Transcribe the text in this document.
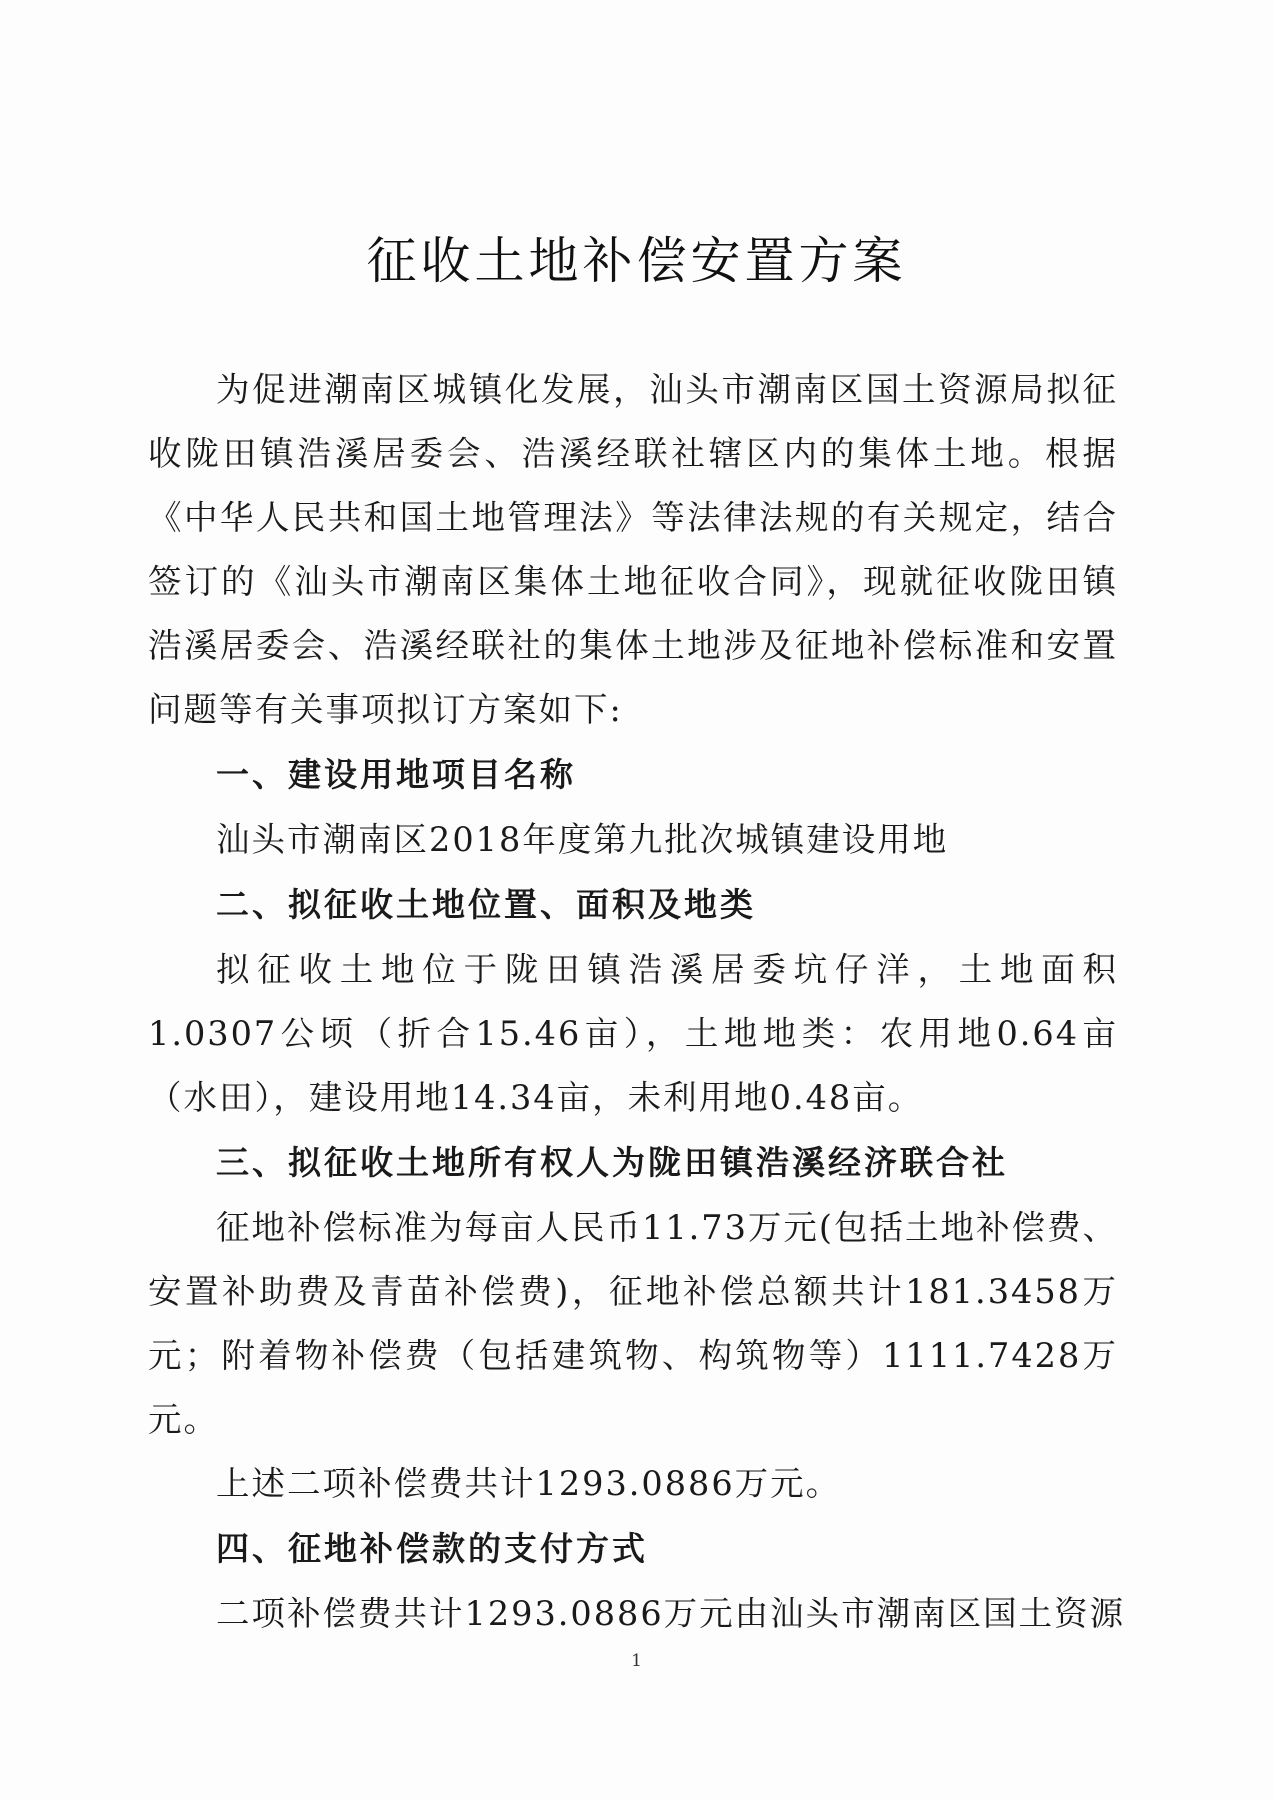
征收土地补偿安置方案

为促进潮南区城镇化发展，汕头市潮南区国土资源局拟征收陇田镇浩溪居委会、浩溪经联社辖区内的集体土地。根据《中华人民共和国土地管理法》等法律法规的有关规定，结合签订的《汕头市潮南区集体土地征收合同》，现就征收陇田镇浩溪居委会、浩溪经联社的集体土地涉及征地补偿标准和安置问题等有关事项拟订方案如下:

一、建设用地项目名称

汕头市潮南区2018年度第九批次城镇建设用地

二、拟征收土地位置、面积及地类

拟征收土地位于陇田镇浩溪居委坑仔洋，土地面积1.0307公顷（折合15.46亩），土地地类：农用地0.64亩（水田），建设用地14.34亩，未利用地0.48亩。

三、拟征收土地所有权人为陇田镇浩溪经济联合社

征地补偿标准为每亩人民币11.73万元(包括土地补偿费、安置补助费及青苗补偿费)，征地补偿总额共计181.3458万元；附着物补偿费（包括建筑物、构筑物等）1111.7428万元。

上述二项补偿费共计1293.0886万元。

四、征地补偿款的支付方式

二项补偿费共计1293.0886万元由汕头市潮南区国土资源

1
